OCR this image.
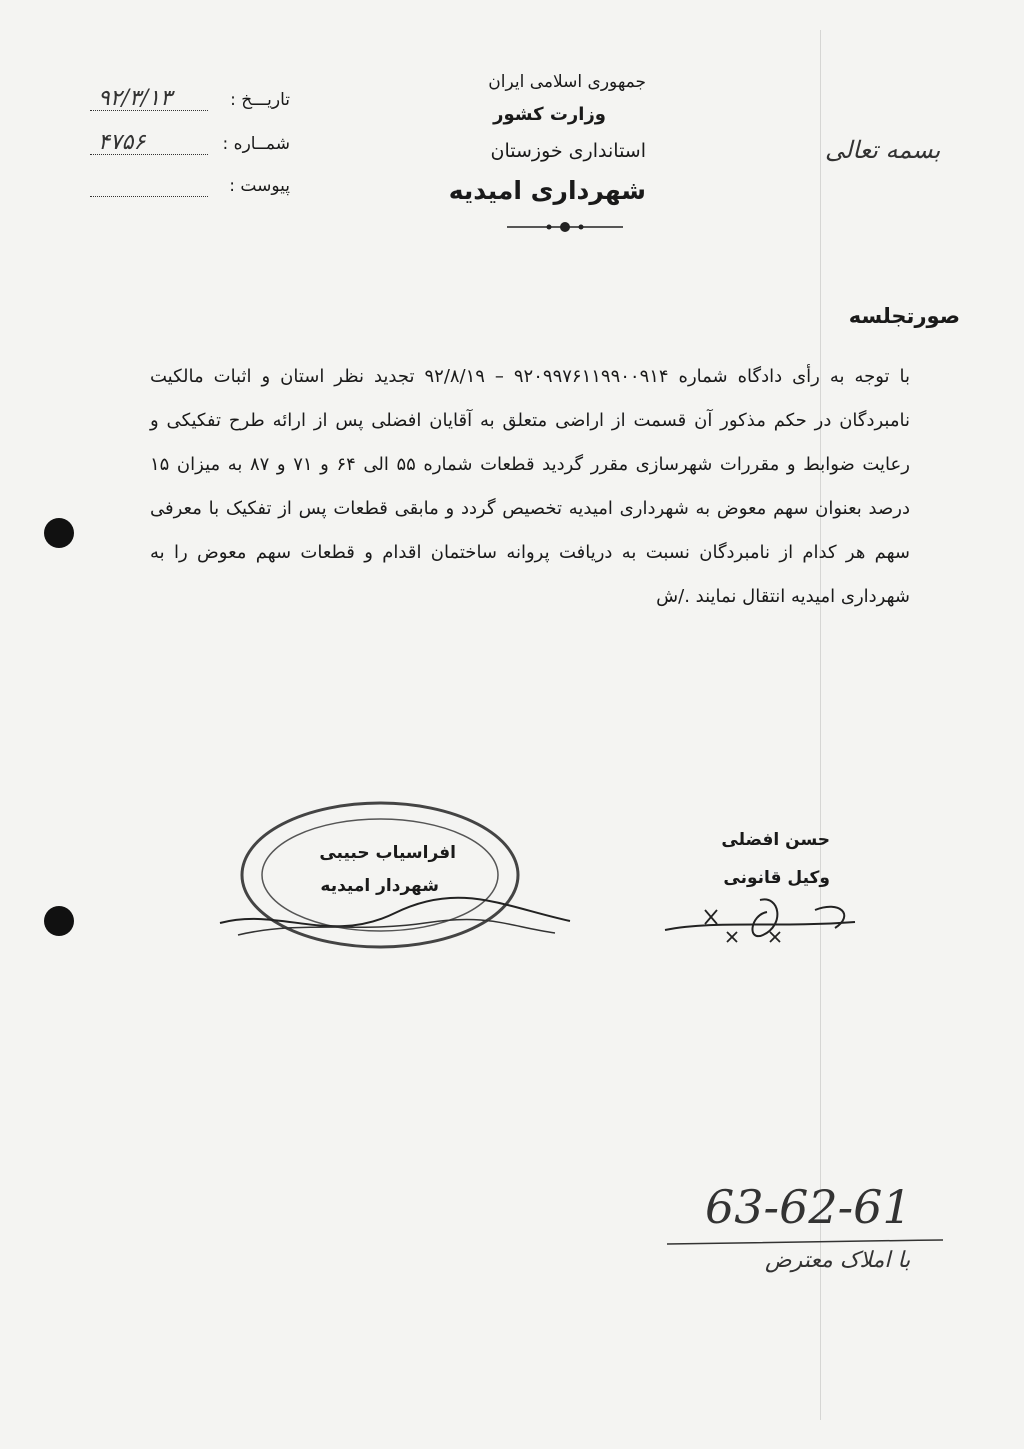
جمهوری اسلامی ایران
وزارت کشور
استانداری خوزستان
شهرداری امیدیه
بسمه تعالی
تاریـــخ :
۹۲/۳/۱۳
شمــاره :
۴۷۵۶
پیوست :
صورتجلسه
با توجه به رأی دادگاه شماره ۹۲۰۹۹۷۶۱۱۹۹۰۰۹۱۴ – ۹۲/۸/۱۹ تجدید نظر استان و اثبات مالکیت نامبردگان در حکم مذکور آن قسمت از اراضی متعلق به آقایان افضلی پس از ارائه طرح تفکیکی و رعایت ضوابط و مقررات شهرسازی مقرر گردید قطعات شماره ۵۵ الی ۶۴ و ۷۱ و ۸۷ به میزان ۱۵ درصد بعنوان سهم معوض به شهرداری امیدیه تخصیص گردد و مابقی قطعات پس از تفکیک با معرفی سهم هر کدام از نامبردگان نسبت به دریافت پروانه ساختمان اقدام و قطعات سهم معوض را به شهرداری امیدیه انتقال نمایند ./ش
افراسیاب حبیبی
شهردار امیدیه
حسن افضلی
وکیل قانونی
63-62-61
با املاک معترض
